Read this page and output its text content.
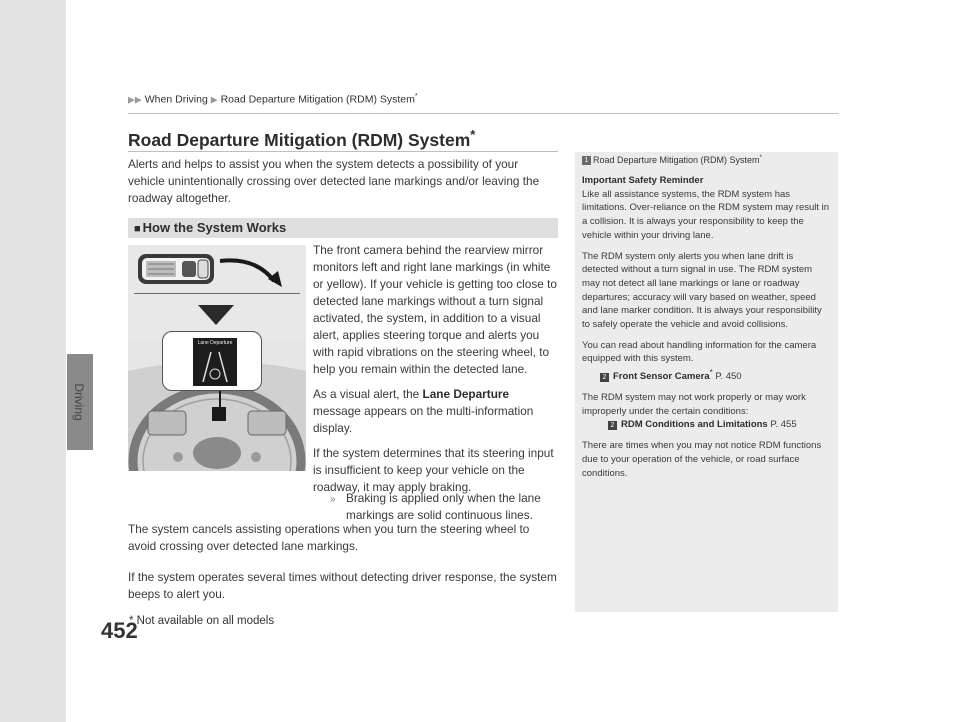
Driving
452
▶▶ When Driving ▶ Road Departure Mitigation (RDM) System*
Road Departure Mitigation (RDM) System*
Alerts and helps to assist you when the system detects a possibility of your vehicle unintentionally crossing over detected lane markings and/or leaving the roadway altogether.
■ How the System Works
Lane Departure

The front camera behind the rearview mirror monitors left and right lane markings (in white or yellow). If your vehicle is getting too close to detected lane markings without a turn signal activated, the system, in addition to a visual alert, applies steering torque and alerts you with rapid vibrations on the steering wheel, to help you remain within the detected lane.

As a visual alert, the Lane Departure message appears on the multi-information display.

If the system determines that its steering input is insufficient to keep your vehicle on the roadway, it may apply braking.

» Braking is applied only when the lane markings are solid continuous lines.
The system cancels assisting operations when you turn the steering wheel to avoid crossing over detected lane markings.
If the system operates several times without detecting driver response, the system beeps to alert you.
* Not available on all models
1 Road Departure Mitigation (RDM) System*

Important Safety Reminder
Like all assistance systems, the RDM system has limitations. Over-reliance on the RDM system may result in a collision. It is always your responsibility to keep the vehicle within your driving lane.

The RDM system only alerts you when lane drift is detected without a turn signal in use. The RDM system may not detect all lane markings or lane or roadway departures; accuracy will vary based on weather, speed and lane marker condition. It is always your responsibility to safely operate the vehicle and avoid collisions.

You can read about handling information for the camera equipped with this system.
2 Front Sensor Camera* P. 450

The RDM system may not work properly or may work improperly under the certain conditions:
2 RDM Conditions and Limitations P. 455

There are times when you may not notice RDM functions due to your operation of the vehicle, or road surface conditions.
